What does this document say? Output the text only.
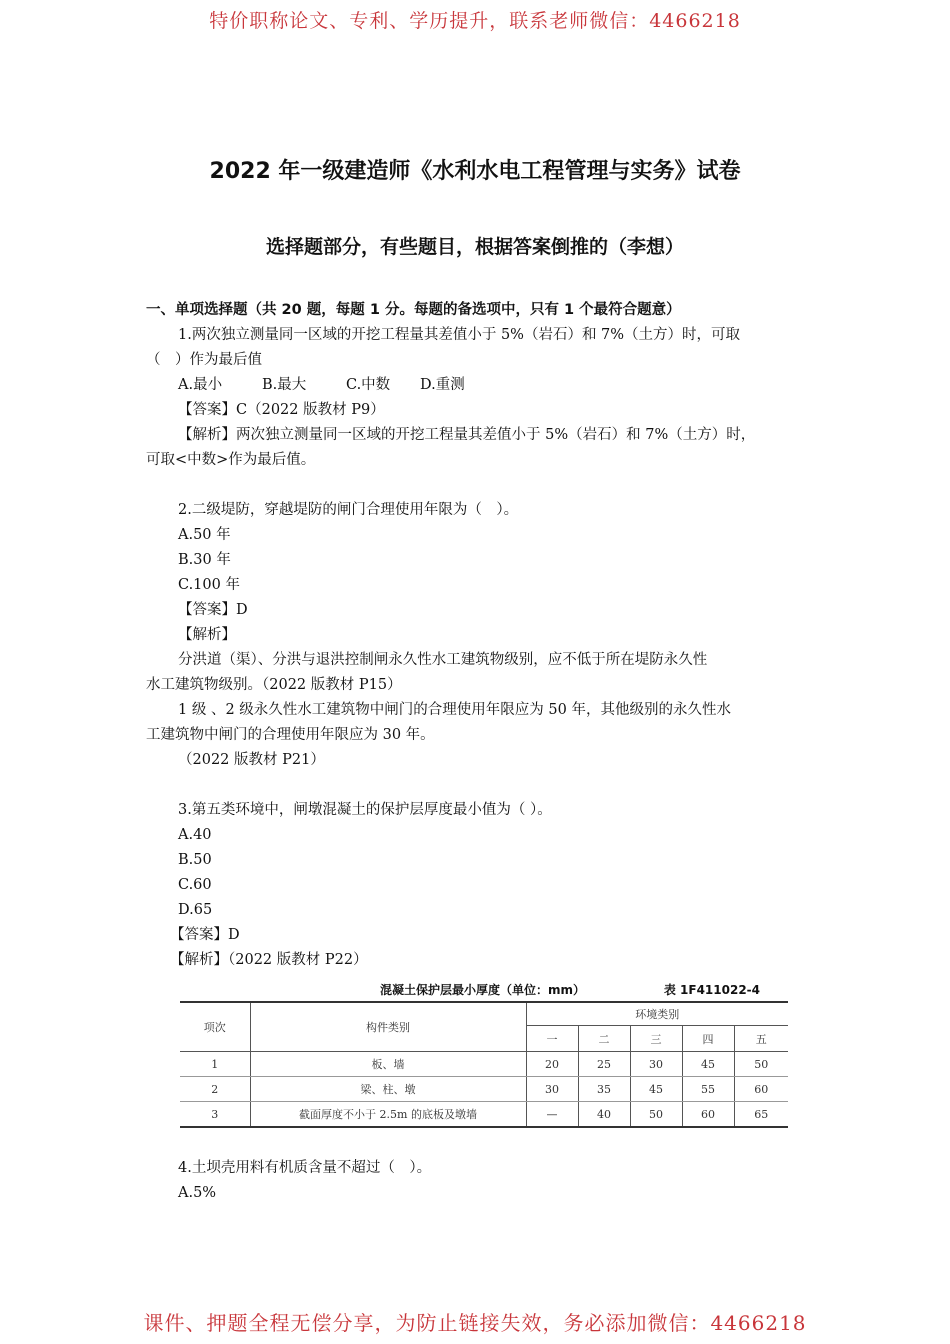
特价职称论文、专利、学历提升，联系老师微信：4466218
2022 年一级建造师《水利水电工程管理与实务》试卷
选择题部分，有些题目，根据答案倒推的（李想）
一、单项选择题（共 20 题，每题 1 分。每题的备选项中，只有 1 个最符合题意）
1.两次独立测量同一区域的开挖工程量其差值小于 5%（岩石）和 7%（土方）时，可取
（　）作为最后值
A.最小	B.最大	C.中数 D.重测
【答案】C（2022 版教材 P9）
【解析】两次独立测量同一区域的开挖工程量其差值小于 5%（岩石）和 7%（土方）时，
可取<中数>作为最后值。
2.二级堤防，穿越堤防的闸门合理使用年限为（　）。
A.50 年
B.30 年
C.100 年
【答案】D
【解析】
分洪道（渠）、分洪与退洪控制闸永久性水工建筑物级别，应不低于所在堤防永久性
水工建筑物级别。（2022 版教材 P15）
1 级 、2 级永久性水工建筑物中闸门的合理使用年限应为 50 年，其他级别的永久性水
工建筑物中闸门的合理使用年限应为 30 年。
（2022 版教材 P21）
3.第五类环境中，闸墩混凝土的保护层厚度最小值为（ ）。
A.40
B.50
C.60
D.65
【答案】D
【解析】（2022 版教材 P22）
混凝土保护层最小厚度（单位：mm）	表 1F411022-4
项次	构件类别	环境类别				
		一	二	三	四	五
1	板、墙	20	25	30	45	50
2	梁、柱、墩	30	35	45	55	60
3	截面厚度不小于 2.5m 的底板及墩墙	—	40	50	60	65
4.土坝壳用料有机质含量不超过（　）。
A.5%
课件、押题全程无偿分享，为防止链接失效，务必添加微信：4466218
